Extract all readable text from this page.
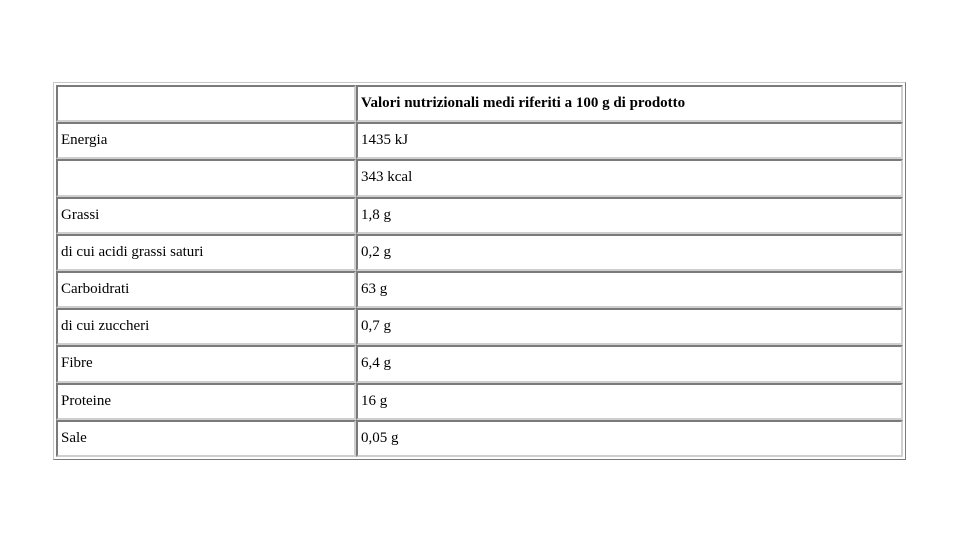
	Valori nutrizionali medi riferiti a 100 g di prodotto
Energia	1435 kJ
	343 kcal
Grassi	1,8 g
di cui acidi grassi saturi	0,2 g
Carboidrati	63 g
di cui zuccheri	0,7 g
Fibre	6,4 g
Proteine	16 g
Sale	0,05 g
